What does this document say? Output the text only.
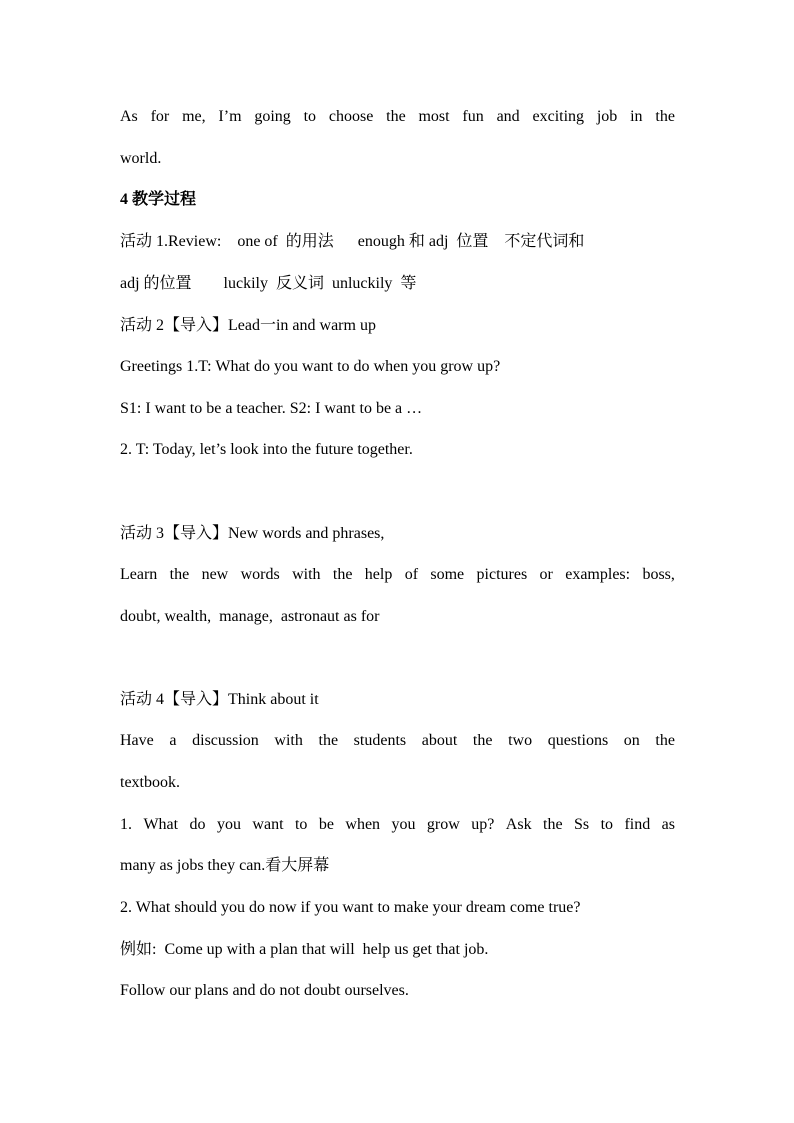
As for me, I’m going to choose the most fun and exciting job in the
world.
4 教学过程
活动 1.Review:    one of  的用法      enough 和 adj  位置    不定代词和
adj 的位置        luckily  反义词  unluckily  等
活动 2【导入】Lead一in and warm up
Greetings 1.T: What do you want to do when you grow up?
S1: I want to be a teacher. S2: I want to be a …
2. T: Today, let’s look into the future together.
活动 3【导入】New words and phrases,
Learn the new words with the help of some pictures or examples: boss,
doubt, wealth,  manage,  astronaut as for
活动 4【导入】Think about it
Have a discussion with the students about the two questions on the
textbook.
1. What do you want to be when you grow up? Ask the Ss to find as
many as jobs they can.看大屏幕
2. What should you do now if you want to make your dream come true?
例如:  Come up with a plan that will  help us get that job.
Follow our plans and do not doubt ourselves.
